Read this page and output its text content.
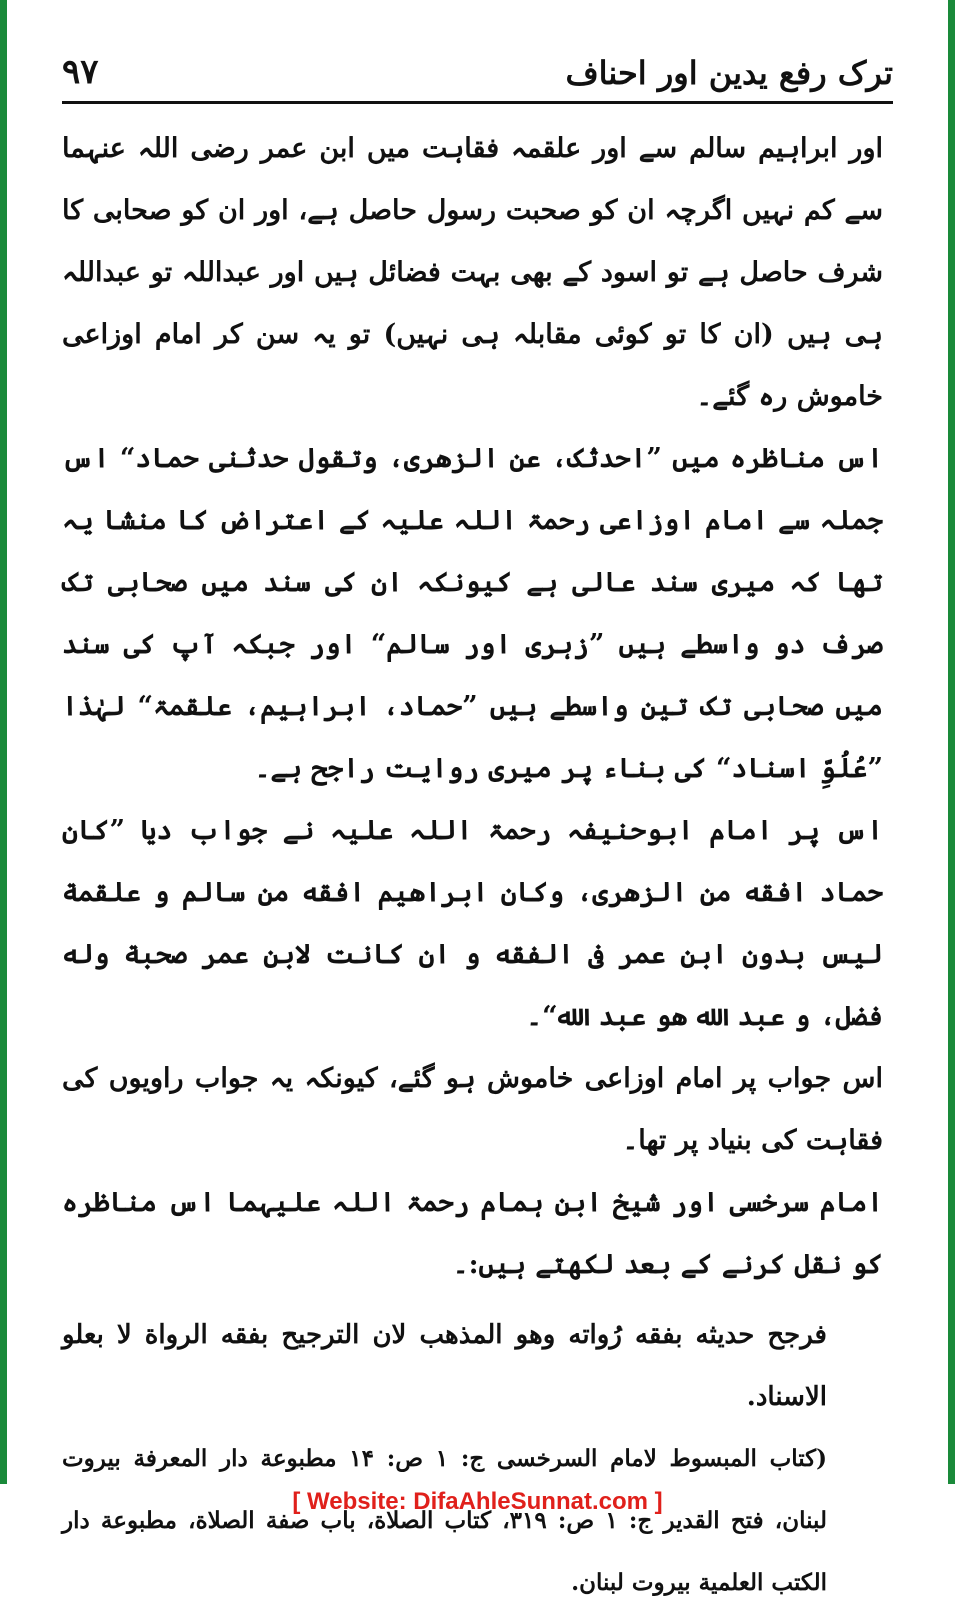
ترک رفع یدین اور احناف
۹۷

اور ابراہیم سالم سے اور علقمہ فقاہت میں ابن عمر رضی اللہ عنہما سے کم نہیں اگرچہ ان کو صحبت رسول حاصل ہے، اور ان کو صحابی کا شرف حاصل ہے تو اسود کے بھی بہت فضائل ہیں اور عبداللہ تو عبداللہ ہی ہیں (ان کا تو کوئی مقابلہ ہی نہیں) تو یہ سن کر امام اوزاعی خاموش رہ گئے۔

اس مناظرہ میں ”احدثک، عن الزهری، وتقول حدثنی حماد“ اس جملہ سے امام اوزاعی رحمۃ اللہ علیہ کے اعتراض کا منشا یہ تھا کہ میری سند عالی ہے کیونکہ ان کی سند میں صحابی تک صرف دو واسطے ہیں ”زہری اور سالم“ اور جبکہ آپ کی سند میں صحابی تک تین واسطے ہیں ”حماد، ابراہیم، علقمۃ“ لہٰذا ”عُلُوِّ اسناد“ کی بناء پر میری روایت راجح ہے۔

اس پر امام ابوحنیفہ رحمۃ اللہ علیہ نے جواب دیا ”کان حماد افقه من الزهری، وكان ابراهيم افقه من سالم و علقمة ليس بدون ابن عمر فی الفقه و ان كانت لابن عمر صحبة وله فضل، و عبد الله هو عبد الله“۔

اس جواب پر امام اوزاعی خاموش ہو گئے، کیونکہ یہ جواب راویوں کی فقاہت کی بنیاد پر تھا۔

امام سرخسی اور شیخ ابن ہمام رحمۃ اللہ علیہما اس مناظرہ کو نقل کرنے کے بعد لکھتے ہیں:۔

فرجح حديثه بفقه رُواته وهو المذهب لان الترجيح بفقه الرواة لا بعلو الاسناد.

(كتاب المبسوط لامام السرخسی ج: ۱ ص: ۱۴ مطبوعة دار المعرفة بيروت لبنان، فتح القدير ج: ۱ ص: ۳۱۹، كتاب الصلاة، باب صفة الصلاة، مطبوعة دار الكتب العلمية بيروت لبنان.

[ Website: DifaAhleSunnat.com ]
